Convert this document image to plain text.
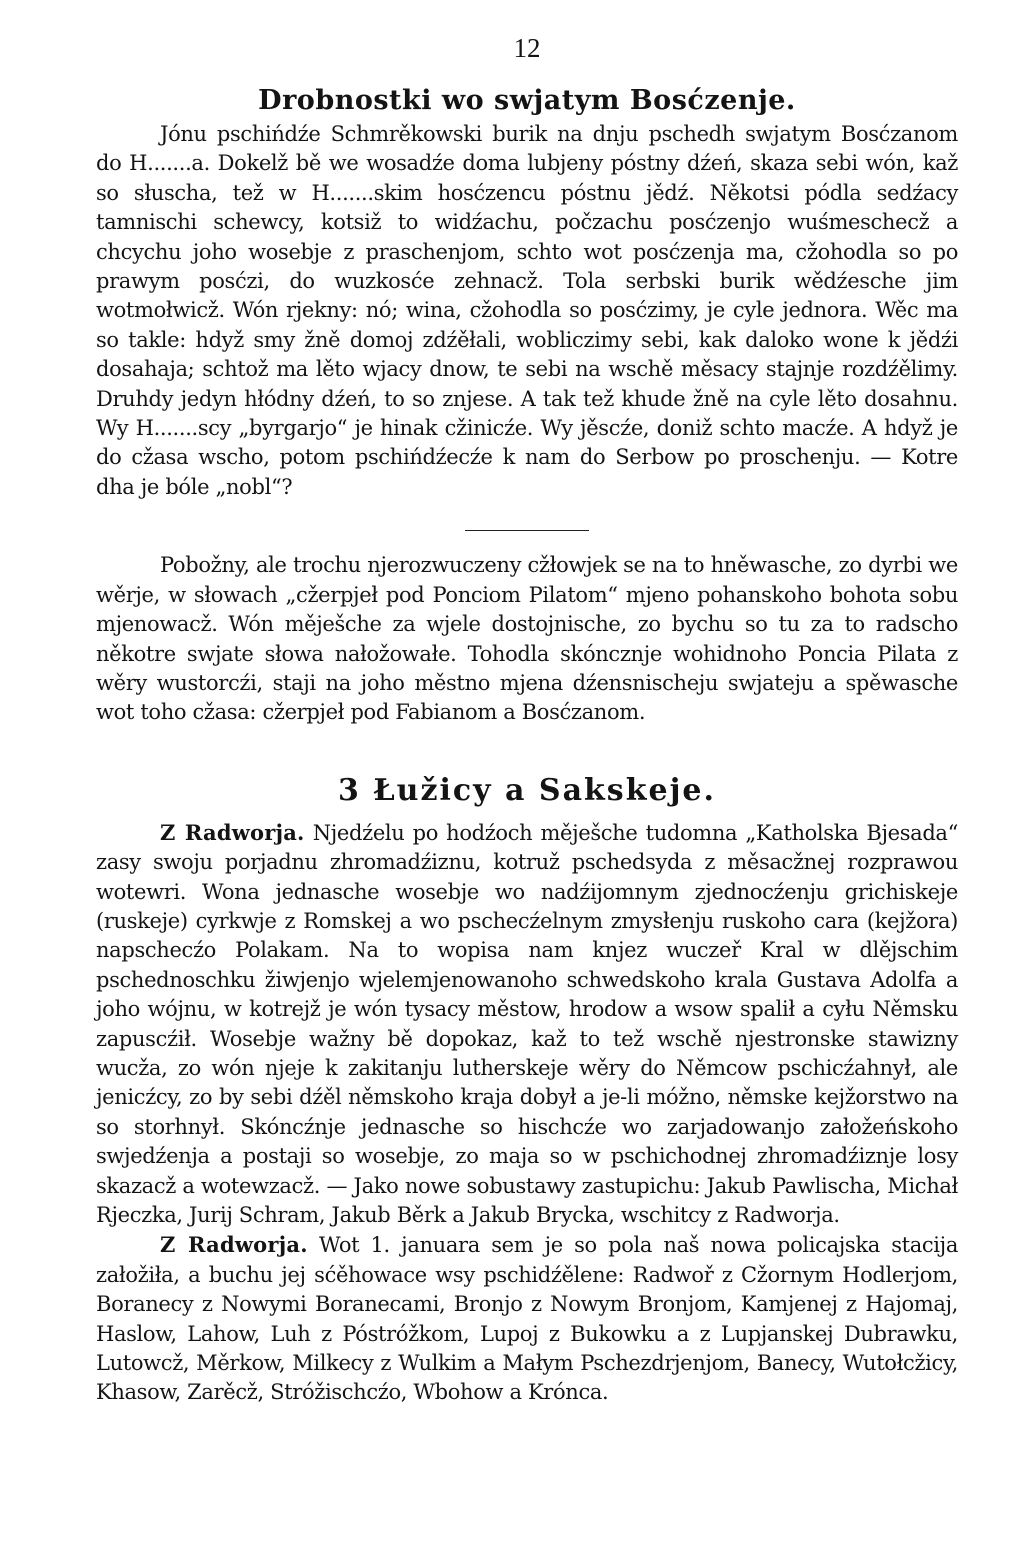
12
Drobnostki wo swjatym Bosćzenje.

Jónu pschińdźe Schmrěkowski burik na dnju pschedh swjatym Bosćzanom do H.......a. Dokelž bě we wosadźe doma lubjeny póstny dźeń, skaza sebi wón, kaž so słuscha, tež w H.......skim hosćzencu póstnu jědź. Někotsi pódla sedźacy tamnischi schewcy, kotsiž to widźachu, počzachu posćzenjo wuśmeschecž a chcychu joho wosebje z praschenjom, schto wot posćzenja ma, cžohodla so po prawym posćzi, do wuzkosće zehnacž. Tola serbski burik wědźesche jim wotmołwicž. Wón rjekny: nó; wina, cžohodla so posćzimy, je cyle jednora. Wěc ma so takle: hdyž smy žně domoj zdźěłali, wobliczimy sebi, kak daloko wone k jědźi dosahaja; schtož ma lěto wjacy dnow, te sebi na wschě měsacy stajnje rozdźělimy. Druhdy jedyn hłódny dźeń, to so znjese. A tak tež khude žně na cyle lěto dosahnu. Wy H.......scy „byrgarjo“ je hinak cžinicźe. Wy jěscźe, doniž schto macźe. A hdyž je do cžasa wscho, potom pschińdźecźe k nam do Serbow po proschenju. — Kotre dha je bóle „nobl“?

Pobožny, ale trochu njerozwuczeny cžłowjek se na to hněwasche, zo dyrbi we wěrje, w słowach „cžerpjeł pod Ponciom Pilatom“ mjeno pohanskoho bohota sobu mjenowacž. Wón měješche za wjele dostojnische, zo bychu so tu za to radscho někotre swjate słowa nałožowałe. Tohodla skóncznje wohidnoho Poncia Pilata z wěry wustorcźi, staji na joho městno mjena dźensnischeju swjateju a spěwasche wot toho cžasa: cžerpjeł pod Fabianom a Bosćzanom.

3 Łužicy a Sakskeje.

Z Radworja. Njedźelu po hodźoch měješche tudomna „Katholska Bjesada“ zasy swoju porjadnu zhromadźiznu, kotruž pschedsyda z měsacžnej rozprawou wotewri. Wona jednasche wosebje wo nadźijomnym zjednocźenju grichiskeje (ruskeje) cyrkwje z Romskej a wo pschecźelnym zmysłenju ruskoho cara (kejžora) napschecźo Polakam. Na to wopisa nam knjez wuczeř Kral w dlějschim pschednoschku žiwjenjo wjelemjenowanoho schwedskoho krala Gustava Adolfa a joho wójnu, w kotrejž je wón tysacy městow, hrodow a wsow spalił a cyłu Němsku zapuscźił. Wosebje wažny bě dopokaz, kaž to tež wschě njestronske stawizny wucža, zo wón njeje k zakitanju lutherskeje wěry do Němcow pschicźahnył, ale jenicźcy, zo by sebi dźěl němskoho kraja dobył a je-li móžno, němske kejžorstwo na so storhnył. Skóncźnje jednasche so hischcźe wo zarjadowanjo załožeńskoho swjedźenja a postaji so wosebje, zo maja so w pschichodnej zhromadźiznje losy skazacž a wotewzacž. — Jako nowe sobustawy zastupichu: Jakub Pawlischa, Michał Rjeczka, Jurij Schram, Jakub Běrk a Jakub Brycka, wschitcy z Radworja.

Z Radworja. Wot 1. januara sem je so pola naš nowa policajska stacija załožiła, a buchu jej sćěhowace wsy pschidźělene: Radwoř z Cžornym Hodlerjom, Boranecy z Nowymi Boranecami, Bronjo z Nowym Bronjom, Kamjenej z Hajomaj, Haslow, Lahow, Luh z Póstróžkom, Lupoj z Bukowku a z Lupjanskej Dubrawku, Lutowcž, Měrkow, Milkecy z Wulkim a Małym Pschezdrjenjom, Banecy, Wutołcžicy, Khasow, Zarěcž, Stróžischcźo, Wbohow a Krónca.
